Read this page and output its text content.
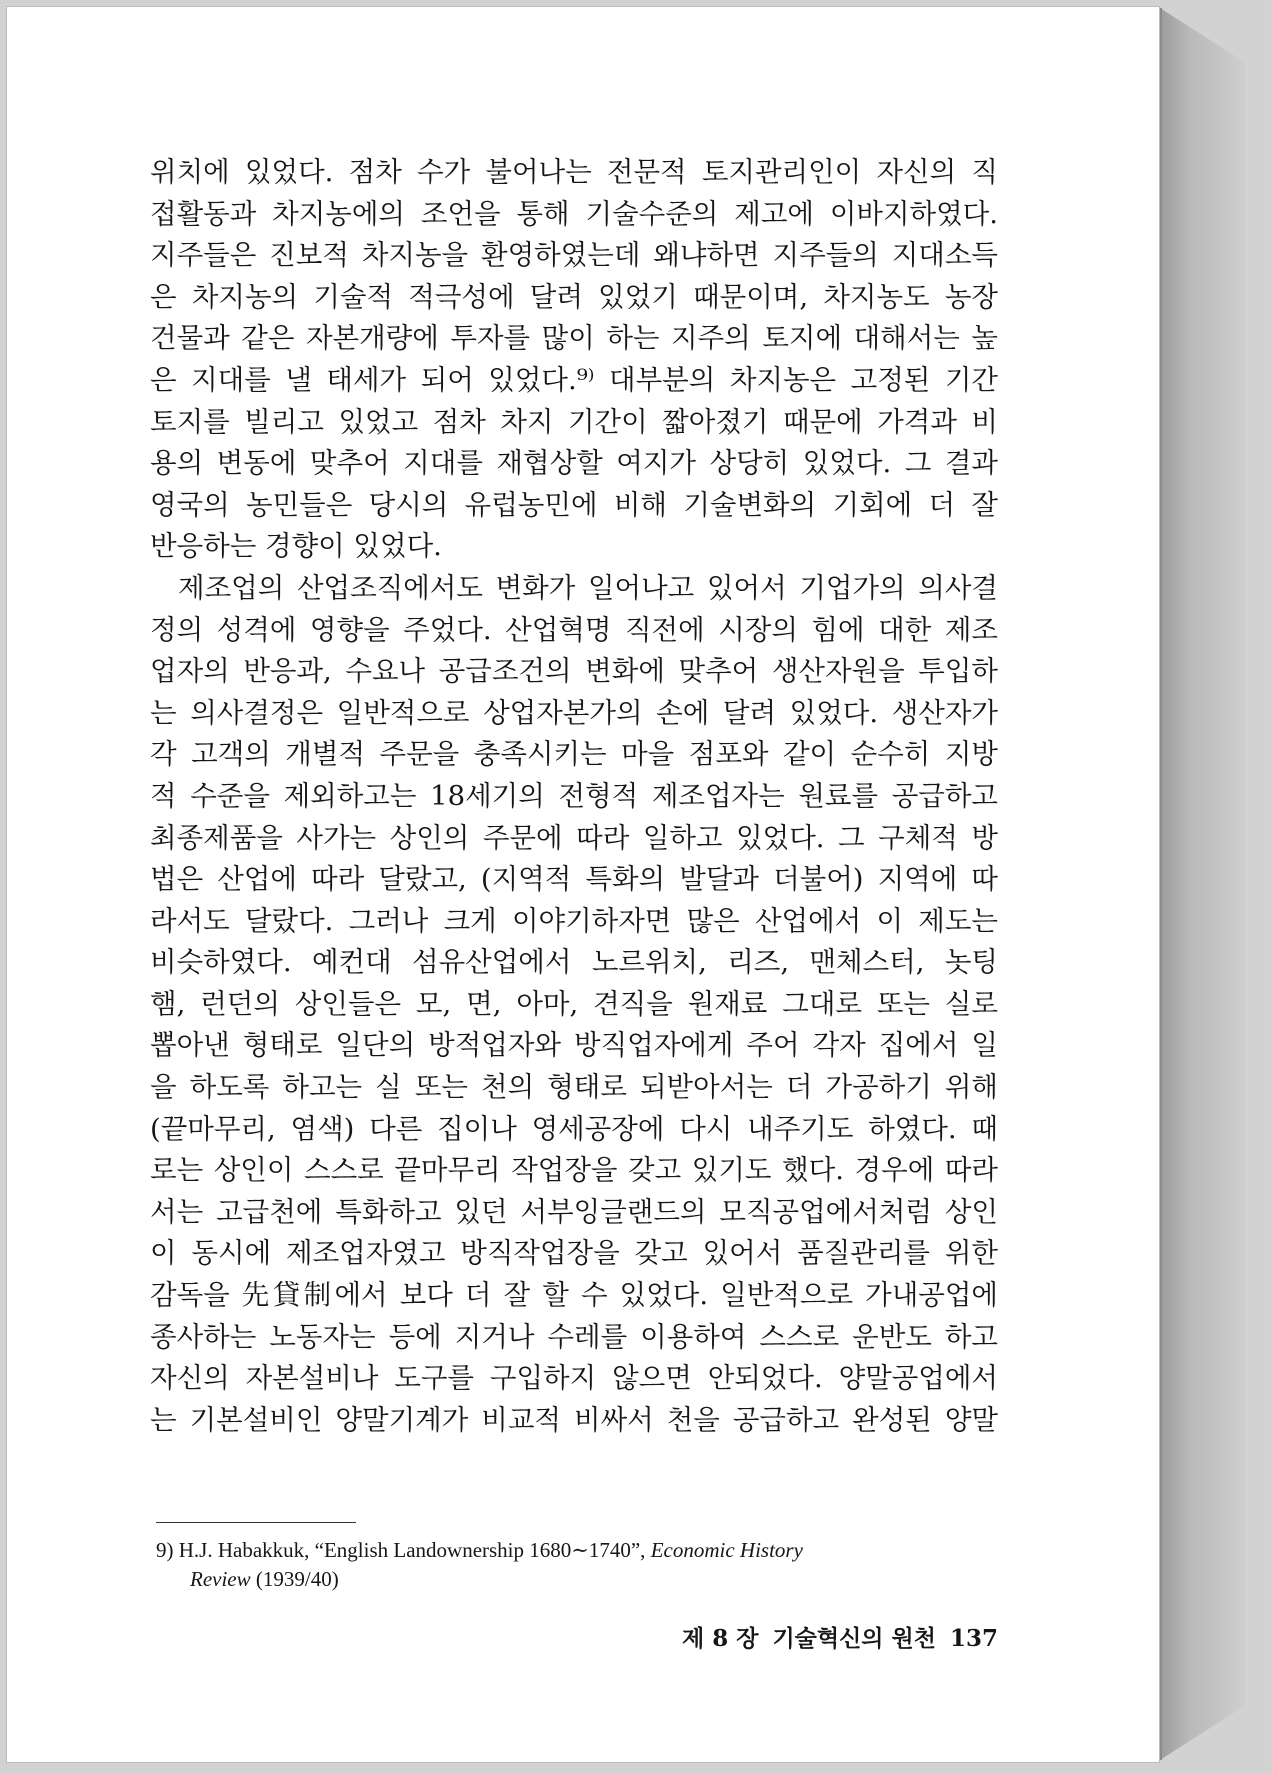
위치에 있었다. 점차 수가 불어나는 전문적 토지관리인이 자신의 직
접활동과 차지농에의 조언을 통해 기술수준의 제고에 이바지하였다.
지주들은 진보적 차지농을 환영하였는데 왜냐하면 지주들의 지대소득
은 차지농의 기술적 적극성에 달려 있었기 때문이며, 차지농도 농장
건물과 같은 자본개량에 투자를 많이 하는 지주의 토지에 대해서는 높
은 지대를 낼 태세가 되어 있었다.⁹⁾ 대부분의 차지농은 고정된 기간
토지를 빌리고 있었고 점차 차지 기간이 짧아졌기 때문에 가격과 비
용의 변동에 맞추어 지대를 재협상할 여지가 상당히 있었다. 그 결과
영국의 농민들은 당시의 유럽농민에 비해 기술변화의 기회에 더 잘
반응하는 경향이 있었다.
제조업의 산업조직에서도 변화가 일어나고 있어서 기업가의 의사결
정의 성격에 영향을 주었다. 산업혁명 직전에 시장의 힘에 대한 제조
업자의 반응과, 수요나 공급조건의 변화에 맞추어 생산자원을 투입하
는 의사결정은 일반적으로 상업자본가의 손에 달려 있었다. 생산자가
각 고객의 개별적 주문을 충족시키는 마을 점포와 같이 순수히 지방
적 수준을 제외하고는 18세기의 전형적 제조업자는 원료를 공급하고
최종제품을 사가는 상인의 주문에 따라 일하고 있었다. 그 구체적 방
법은 산업에 따라 달랐고, (지역적 특화의 발달과 더불어) 지역에 따
라서도 달랐다. 그러나 크게 이야기하자면 많은 산업에서 이 제도는
비슷하였다. 예컨대 섬유산업에서 노르위치, 리즈, 맨체스터, 놋팅
햄, 런던의 상인들은 모, 면, 아마, 견직을 원재료 그대로 또는 실로
뽑아낸 형태로 일단의 방적업자와 방직업자에게 주어 각자 집에서 일
을 하도록 하고는 실 또는 천의 형태로 되받아서는 더 가공하기 위해
(끝마무리, 염색) 다른 집이나 영세공장에 다시 내주기도 하였다. 때
로는 상인이 스스로 끝마무리 작업장을 갖고 있기도 했다. 경우에 따라
서는 고급천에 특화하고 있던 서부잉글랜드의 모직공업에서처럼 상인
이 동시에 제조업자였고 방직작업장을 갖고 있어서 품질관리를 위한
감독을 先貸制에서 보다 더 잘 할 수 있었다. 일반적으로 가내공업에
종사하는 노동자는 등에 지거나 수레를 이용하여 스스로 운반도 하고
자신의 자본설비나 도구를 구입하지 않으면 안되었다. 양말공업에서
는 기본설비인 양말기계가 비교적 비싸서 천을 공급하고 완성된 양말
9) H.J. Habakkuk, “English Landownership 1680∼1740”, Economic History
Review (1939/40)
제 8 장 기술혁신의 원천 137
